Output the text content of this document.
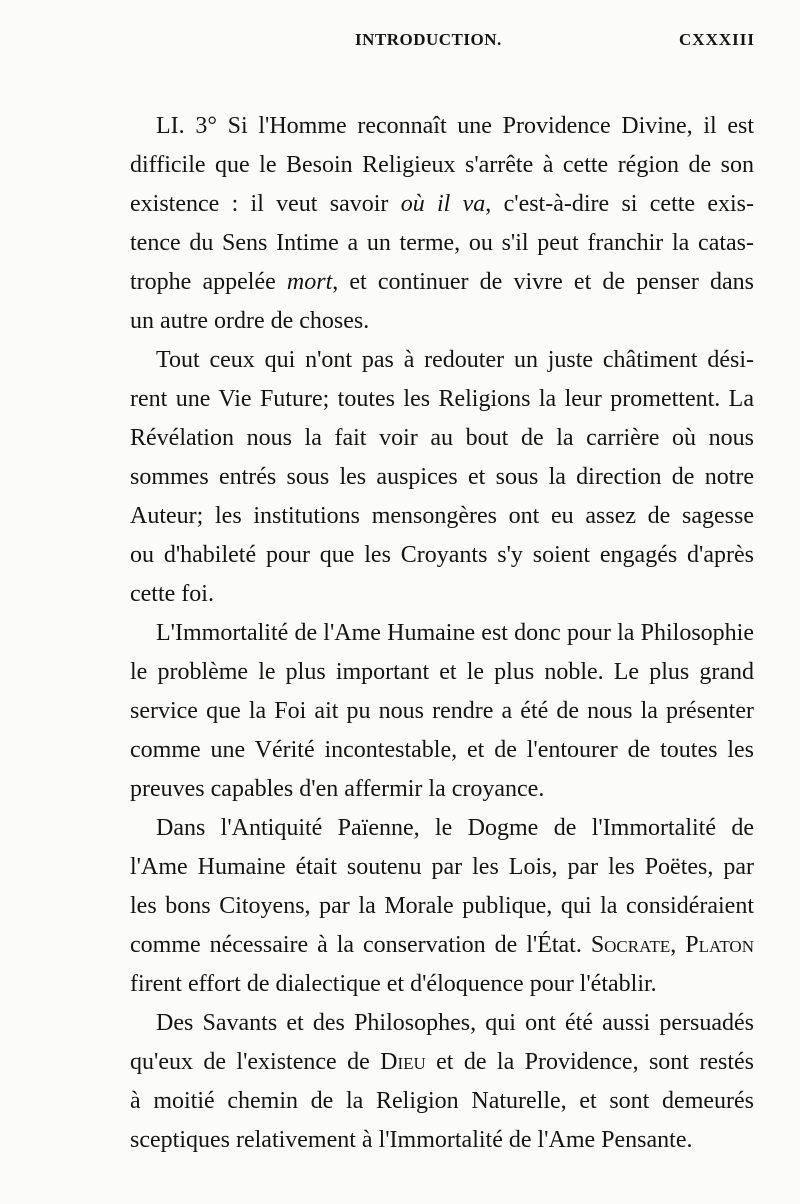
INTRODUCTION.	CXXXIII
LI. 3° Si l'Homme reconnaît une Providence Divine, il est
difficile que le Besoin Religieux s'arrête à cette région de son
existence : il veut savoir où il va, c'est-à-dire si cette exis-
tence du Sens Intime a un terme, ou s'il peut franchir la catas-
trophe appelée mort, et continuer de vivre et de penser dans
un autre ordre de choses.
Tout ceux qui n'ont pas à redouter un juste châtiment dési-
rent une Vie Future; toutes les Religions la leur promettent. La
Révélation nous la fait voir au bout de la carrière où nous
sommes entrés sous les auspices et sous la direction de notre
Auteur; les institutions mensongères ont eu assez de sagesse
ou d'habileté pour que les Croyants s'y soient engagés d'après
cette foi.
L'Immortalité de l'Ame Humaine est donc pour la Philosophie
le problème le plus important et le plus noble. Le plus grand
service que la Foi ait pu nous rendre a été de nous la présenter
comme une Vérité incontestable, et de l'entourer de toutes les
preuves capables d'en affermir la croyance.
Dans l'Antiquité Païenne, le Dogme de l'Immortalité de
l'Ame Humaine était soutenu par les Lois, par les Poëtes, par
les bons Citoyens, par la Morale publique, qui la considéraient
comme nécessaire à la conservation de l'État. Socrate, Platon
firent effort de dialectique et d'éloquence pour l'établir.
Des Savants et des Philosophes, qui ont été aussi persuadés
qu'eux de l'existence de Dieu et de la Providence, sont restés
à moitié chemin de la Religion Naturelle, et sont demeurés
sceptiques relativement à l'Immortalité de l'Ame Pensante.
